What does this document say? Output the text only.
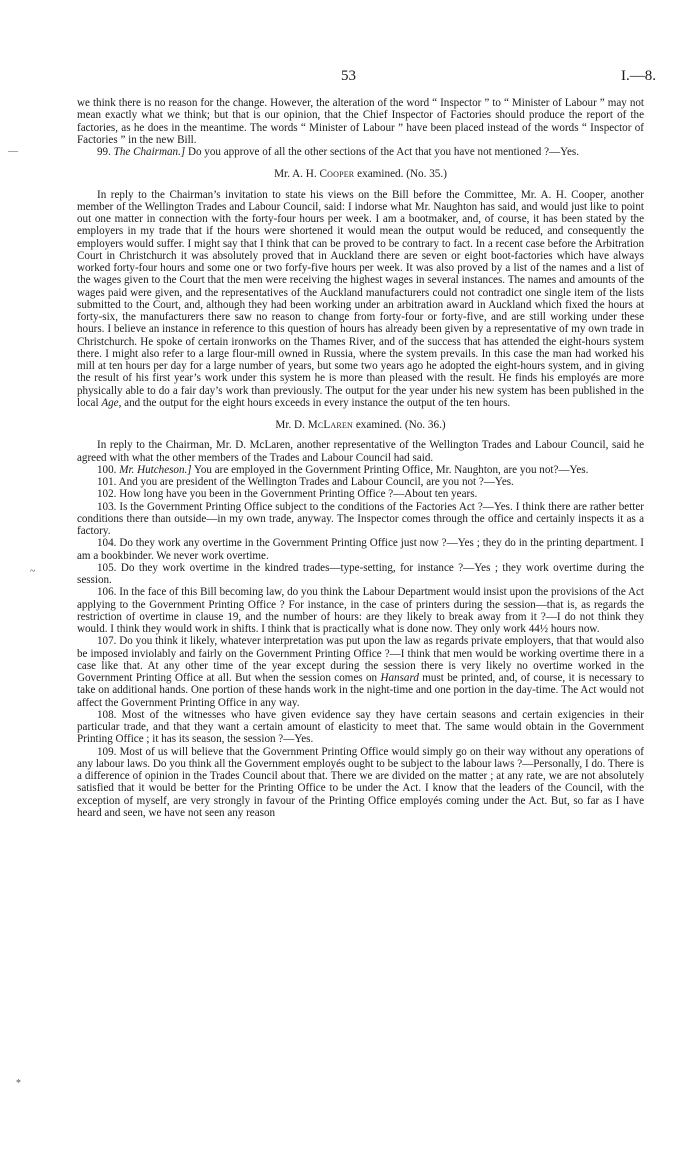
53	I.—8.
—
~
*

we think there is no reason for the change. However, the alteration of the word “ Inspector ” to “ Minister of Labour ” may not mean exactly what we think; but that is our opinion, that the Chief Inspector of Factories should produce the report of the factories, as he does in the meantime. The words “ Minister of Labour ” have been placed instead of the words “ Inspector of Factories ” in the new Bill.

99. The Chairman.] Do you approve of all the other sections of the Act that you have not mentioned ?—Yes.

Mr. A. H. Cooper examined. (No. 35.)

In reply to the Chairman’s invitation to state his views on the Bill before the Committee, Mr. A. H. Cooper, another member of the Wellington Trades and Labour Council, said: I indorse what Mr. Naughton has said, and would just like to point out one matter in connection with the forty-four hours per week. I am a bootmaker, and, of course, it has been stated by the employers in my trade that if the hours were shortened it would mean the output would be reduced, and consequently the employers would suffer. I might say that I think that can be proved to be contrary to fact. In a recent case before the Arbitration Court in Christchurch it was absolutely proved that in Auckland there are seven or eight boot-factories which have always worked forty-four hours and some one or two forfy-five hours per week. It was also proved by a list of the names and a list of the wages given to the Court that the men were receiving the highest wages in several instances. The names and amounts of the wages paid were given, and the representatives of the Auckland manufacturers could not contradict one single item of the lists submitted to the Court, and, although they had been working under an arbitration award in Auckland which fixed the hours at forty-six, the manufacturers there saw no reason to change from forty-four or forty-five, and are still working under these hours. I believe an instance in reference to this question of hours has already been given by a representative of my own trade in Christchurch. He spoke of certain ironworks on the Thames River, and of the success that has attended the eight-hours system there. I might also refer to a large flour-mill owned in Russia, where the system prevails. In this case the man had worked his mill at ten hours per day for a large number of years, but some two years ago he adopted the eight-hours system, and in giving the result of his first year’s work under this system he is more than pleased with the result. He finds his employés are more physically able to do a fair day’s work than previously. The output for the year under his new system has been published in the local Age, and the output for the eight hours exceeds in every instance the output of the ten hours.

Mr. D. McLaren examined. (No. 36.)

In reply to the Chairman, Mr. D. McLaren, another representative of the Wellington Trades and Labour Council, said he agreed with what the other members of the Trades and Labour Council had said.

100. Mr. Hutcheson.] You are employed in the Government Printing Office, Mr. Naughton, are you not?—Yes.

101. And you are president of the Wellington Trades and Labour Council, are you not ?—Yes.

102. How long have you been in the Government Printing Office ?—About ten years.

103. Is the Government Printing Office subject to the conditions of the Factories Act ?—Yes. I think there are rather better conditions there than outside—in my own trade, anyway. The Inspector comes through the office and certainly inspects it as a factory.

104. Do they work any overtime in the Government Printing Office just now ?—Yes ; they do in the printing department. I am a bookbinder. We never work overtime.

105. Do they work overtime in the kindred trades—type-setting, for instance ?—Yes ; they work overtime during the session.

106. In the face of this Bill becoming law, do you think the Labour Department would insist upon the provisions of the Act applying to the Government Printing Office ? For instance, in the case of printers during the session—that is, as regards the restriction of overtime in clause 19, and the number of hours: are they likely to break away from it ?—I do not think they would. I think they would work in shifts. I think that is practically what is done now. They only work 44½ hours now.

107. Do you think it likely, whatever interpretation was put upon the law as regards private employers, that that would also be imposed inviolably and fairly on the Government Printing Office ?—I think that men would be working overtime there in a case like that. At any other time of the year except during the session there is very likely no overtime worked in the Government Printing Office at all. But when the session comes on Hansard must be printed, and, of course, it is necessary to take on additional hands. One portion of these hands work in the night-time and one portion in the day-time. The Act would not affect the Government Printing Office in any way.

108. Most of the witnesses who have given evidence say they have certain seasons and certain exigencies in their particular trade, and that they want a certain amount of elasticity to meet that. The same would obtain in the Government Printing Office ; it has its season, the session ?—Yes.

109. Most of us will believe that the Government Printing Office would simply go on their way without any operations of any labour laws. Do you think all the Government employés ought to be subject to the labour laws ?—Personally, I do. There is a difference of opinion in the Trades Council about that. There we are divided on the matter ; at any rate, we are not absolutely satisfied that it would be better for the Printing Office to be under the Act. I know that the leaders of the Council, with the exception of myself, are very strongly in favour of the Printing Office employés coming under the Act. But, so far as I have heard and seen, we have not seen any reason
